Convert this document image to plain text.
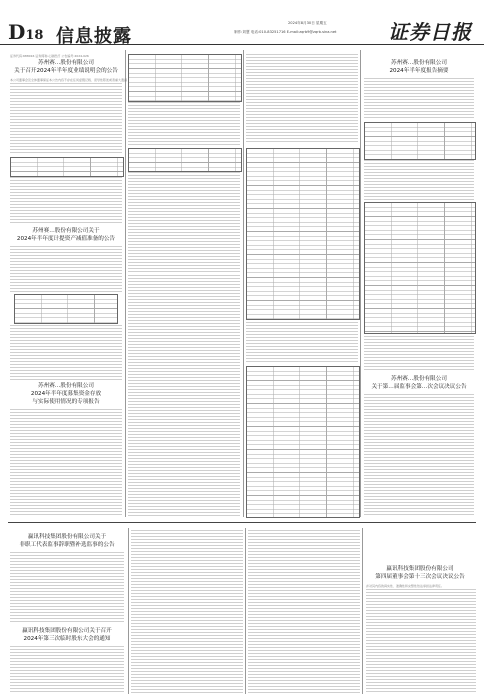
D18 信息披露
2024年8月30日 星期五
制作:刘慧 电话:010-83251716 E-mail:zqrb9@zqrb.sina.net	证券日报
证券代码:688016 证券简称:心脉医疗 公告编号:2024-026
苏州赛…股份有限公司
关于召开2024年半年度业绩说明会的公告
本公司董事会及全体董事保证本公告内容不存在任何虚假记载、误导性陈述或者重大遗漏
苏州赛…股份有限公司关于
2024年半年度计提资产减值准备的公告
苏州赛…股份有限公司
2024年半年度募集资金存放
与实际使用情况的专项报告
苏州赛…股份有限公司
2024年半年度报告摘要
苏州赛…股份有限公司
关于第…届监事会第…次会议决议公告
赢讯科技集团股份有限公司关于
非职工代表监事辞职暨补选监事的公告
赢讯科技集团股份有限公司关于召开
2024年第三次临时股东大会的通知
赢讯科技集团股份有限公司
第四届董事会第十三次会议决议公告
并对其内容的真实性、准确性和完整性依法承担法律责任。
